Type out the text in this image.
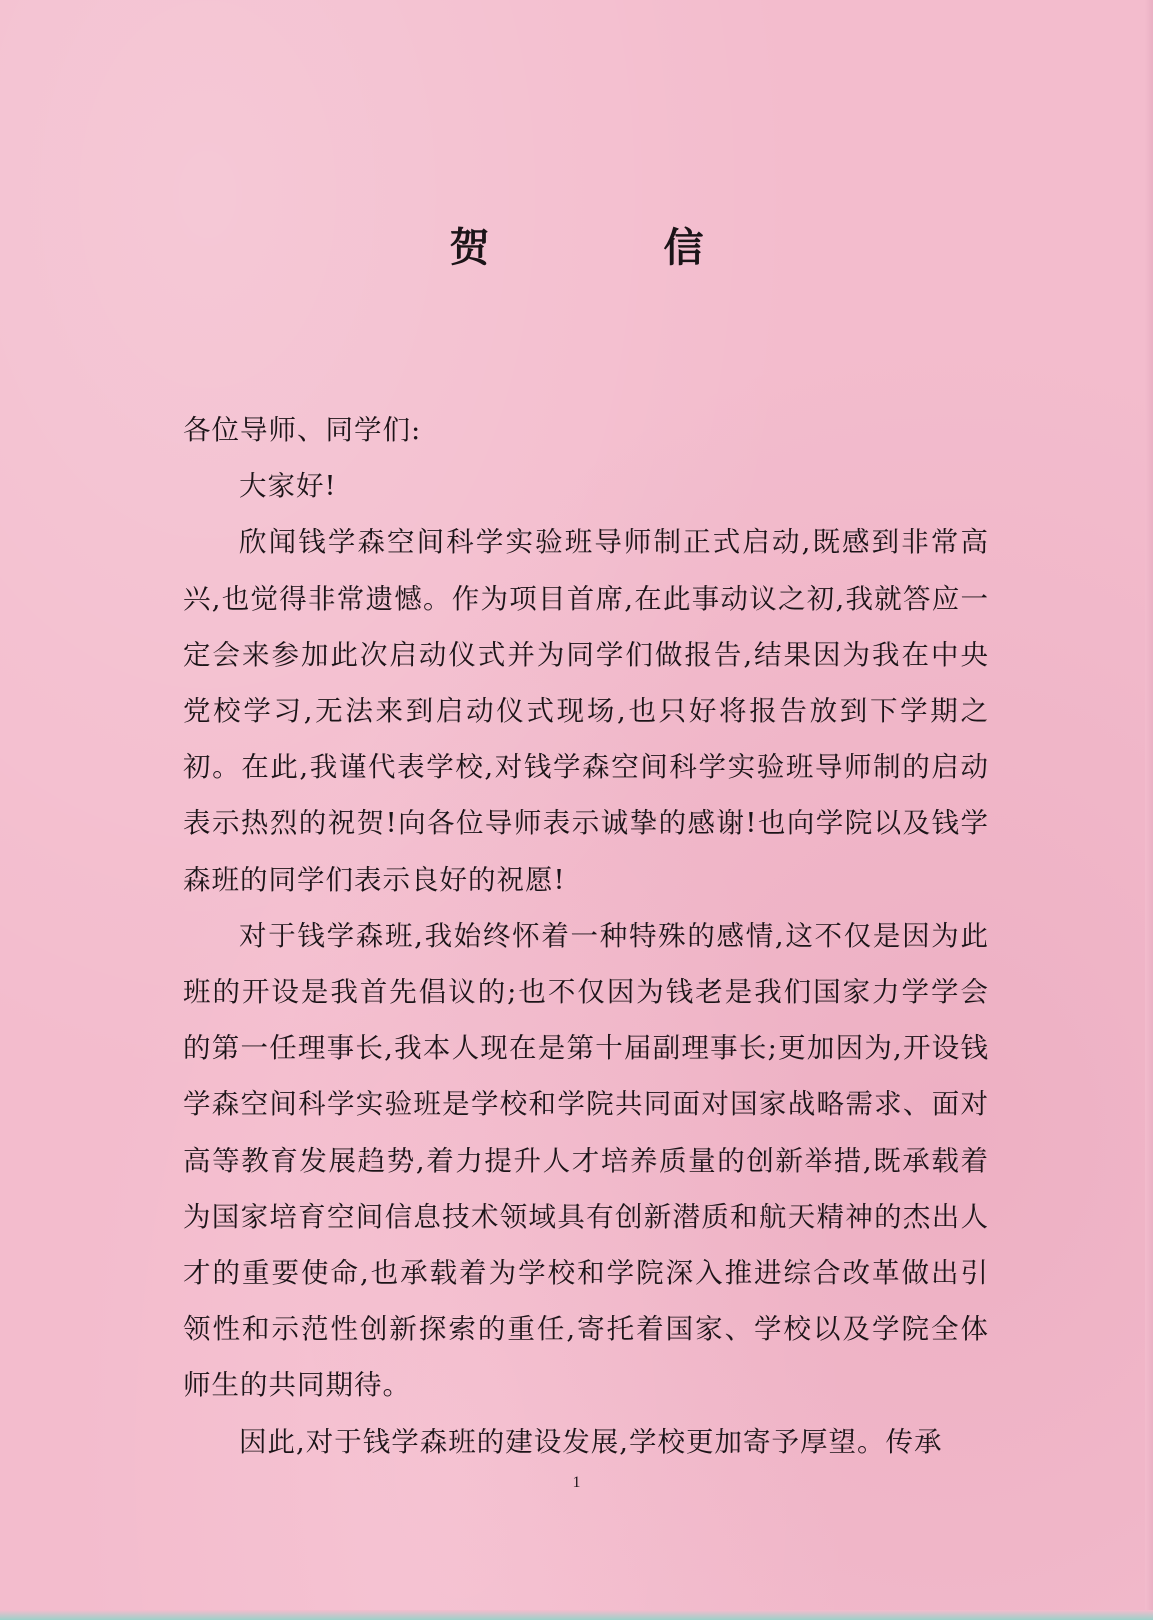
贺 信

各位导师、同学们:

大家好!

欣闻钱学森空间科学实验班导师制正式启动,既感到非常高兴,也觉得非常遗憾。作为项目首席,在此事动议之初,我就答应一定会来参加此次启动仪式并为同学们做报告,结果因为我在中央党校学习,无法来到启动仪式现场,也只好将报告放到下学期之初。在此,我谨代表学校,对钱学森空间科学实验班导师制的启动表示热烈的祝贺!向各位导师表示诚挚的感谢!也向学院以及钱学森班的同学们表示良好的祝愿!

对于钱学森班,我始终怀着一种特殊的感情,这不仅是因为此班的开设是我首先倡议的;也不仅因为钱老是我们国家力学学会的第一任理事长,我本人现在是第十届副理事长;更加因为,开设钱学森空间科学实验班是学校和学院共同面对国家战略需求、面对高等教育发展趋势,着力提升人才培养质量的创新举措,既承载着为国家培育空间信息技术领域具有创新潜质和航天精神的杰出人才的重要使命,也承载着为学校和学院深入推进综合改革做出引领性和示范性创新探索的重任,寄托着国家、学校以及学院全体师生的共同期待。

因此,对于钱学森班的建设发展,学校更加寄予厚望。传承

1
